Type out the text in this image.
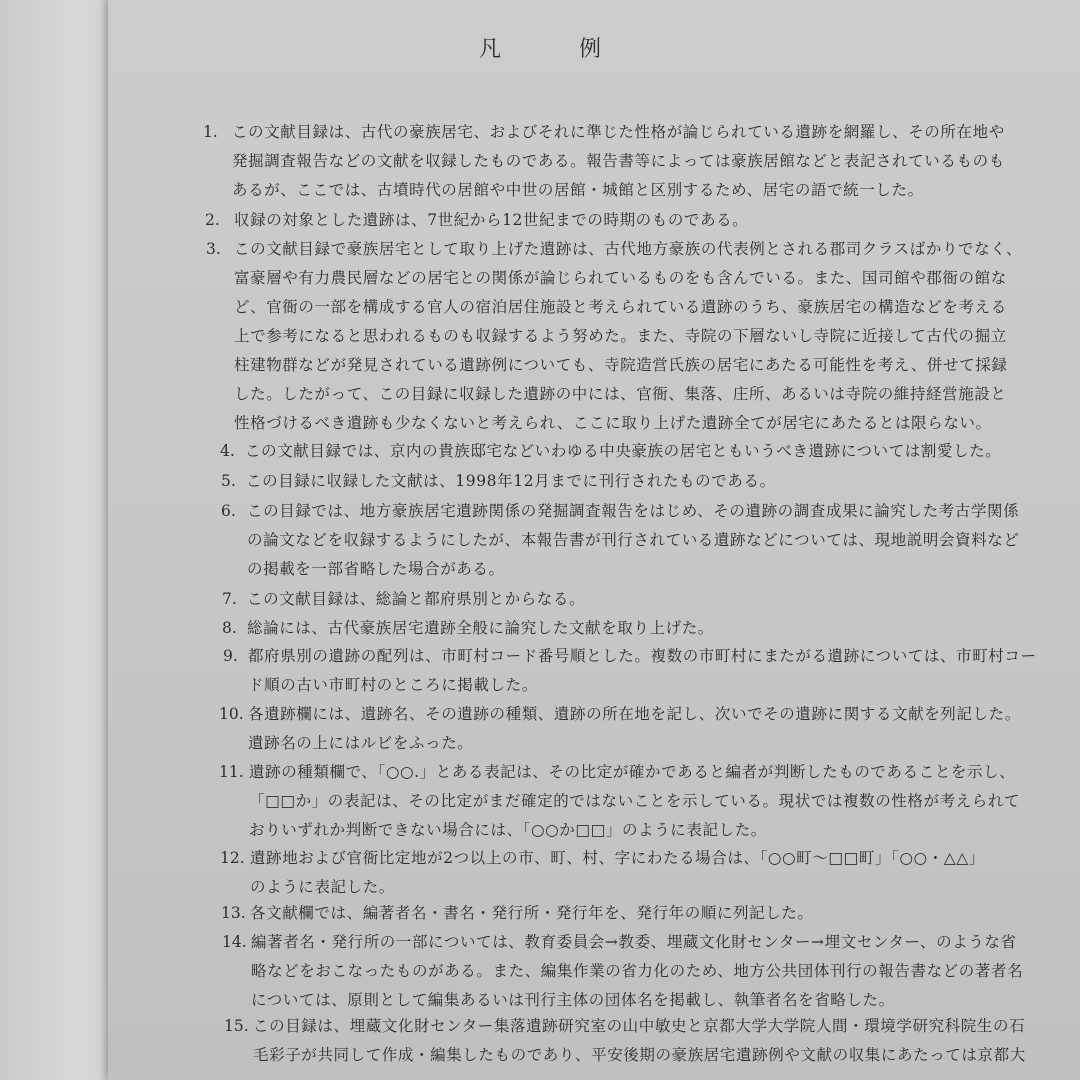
凡　例
1. この文献目録は、古代の豪族居宅、およびそれに準じた性格が論じられている遺跡を網羅し、その所在地や
発掘調査報告などの文献を収録したものである。報告書等によっては豪族居館などと表記されているものも
あるが、ここでは、古墳時代の居館や中世の居館・城館と区別するため、居宅の語で統一した。
2. 収録の対象とした遺跡は、7世紀から12世紀までの時期のものである。
3. この文献目録で豪族居宅として取り上げた遺跡は、古代地方豪族の代表例とされる郡司クラスばかりでなく、
富豪層や有力農民層などの居宅との関係が論じられているものをも含んでいる。また、国司館や郡衙の館な
ど、官衙の一部を構成する官人の宿泊居住施設と考えられている遺跡のうち、豪族居宅の構造などを考える
上で参考になると思われるものも収録するよう努めた。また、寺院の下層ないし寺院に近接して古代の掘立
柱建物群などが発見されている遺跡例についても、寺院造営氏族の居宅にあたる可能性を考え、併せて採録
した。したがって、この目録に収録した遺跡の中には、官衙、集落、庄所、あるいは寺院の維持経営施設と
性格づけるべき遺跡も少なくないと考えられ、ここに取り上げた遺跡全てが居宅にあたるとは限らない。
4. この文献目録では、京内の貴族邸宅などいわゆる中央豪族の居宅ともいうべき遺跡については割愛した。
5. この目録に収録した文献は、1998年12月までに刊行されたものである。
6. この目録では、地方豪族居宅遺跡関係の発掘調査報告をはじめ、その遺跡の調査成果に論究した考古学関係
の論文などを収録するようにしたが、本報告書が刊行されている遺跡などについては、現地説明会資料など
の掲載を一部省略した場合がある。
7. この文献目録は、総論と都府県別とからなる。
8. 総論には、古代豪族居宅遺跡全般に論究した文献を取り上げた。
9. 都府県別の遺跡の配列は、市町村コード番号順とした。複数の市町村にまたがる遺跡については、市町村コー
ド順の古い市町村のところに掲載した。
10. 各遺跡欄には、遺跡名、その遺跡の種類、遺跡の所在地を記し、次いでその遺跡に関する文献を列記した。
遺跡名の上にはルビをふった。
11. 遺跡の種類欄で、「○○.」とある表記は、その比定が確かであると編者が判断したものであることを示し、
「□□か」の表記は、その比定がまだ確定的ではないことを示している。現状では複数の性格が考えられて
おりいずれか判断できない場合には、「○○か□□」のように表記した。
12. 遺跡地および官衙比定地が2つ以上の市、町、村、字にわたる場合は、「○○町～□□町」「○○・△△」
のように表記した。
13. 各文献欄では、編著者名・書名・発行所・発行年を、発行年の順に列記した。
14. 編著者名・発行所の一部については、教育委員会→教委、埋蔵文化財センター→埋文センター、のような省
略などをおこなったものがある。また、編集作業の省力化のため、地方公共団体刊行の報告書などの著者名
については、原則として編集あるいは刊行主体の団体名を掲載し、執筆者名を省略した。
15. この目録は、埋蔵文化財センター集落遺跡研究室の山中敏史と京都大学大学院人間・環境学研究科院生の石
毛彩子が共同して作成・編集したものであり、平安後期の豪族居宅遺跡例や文献の収集にあたっては京都大
